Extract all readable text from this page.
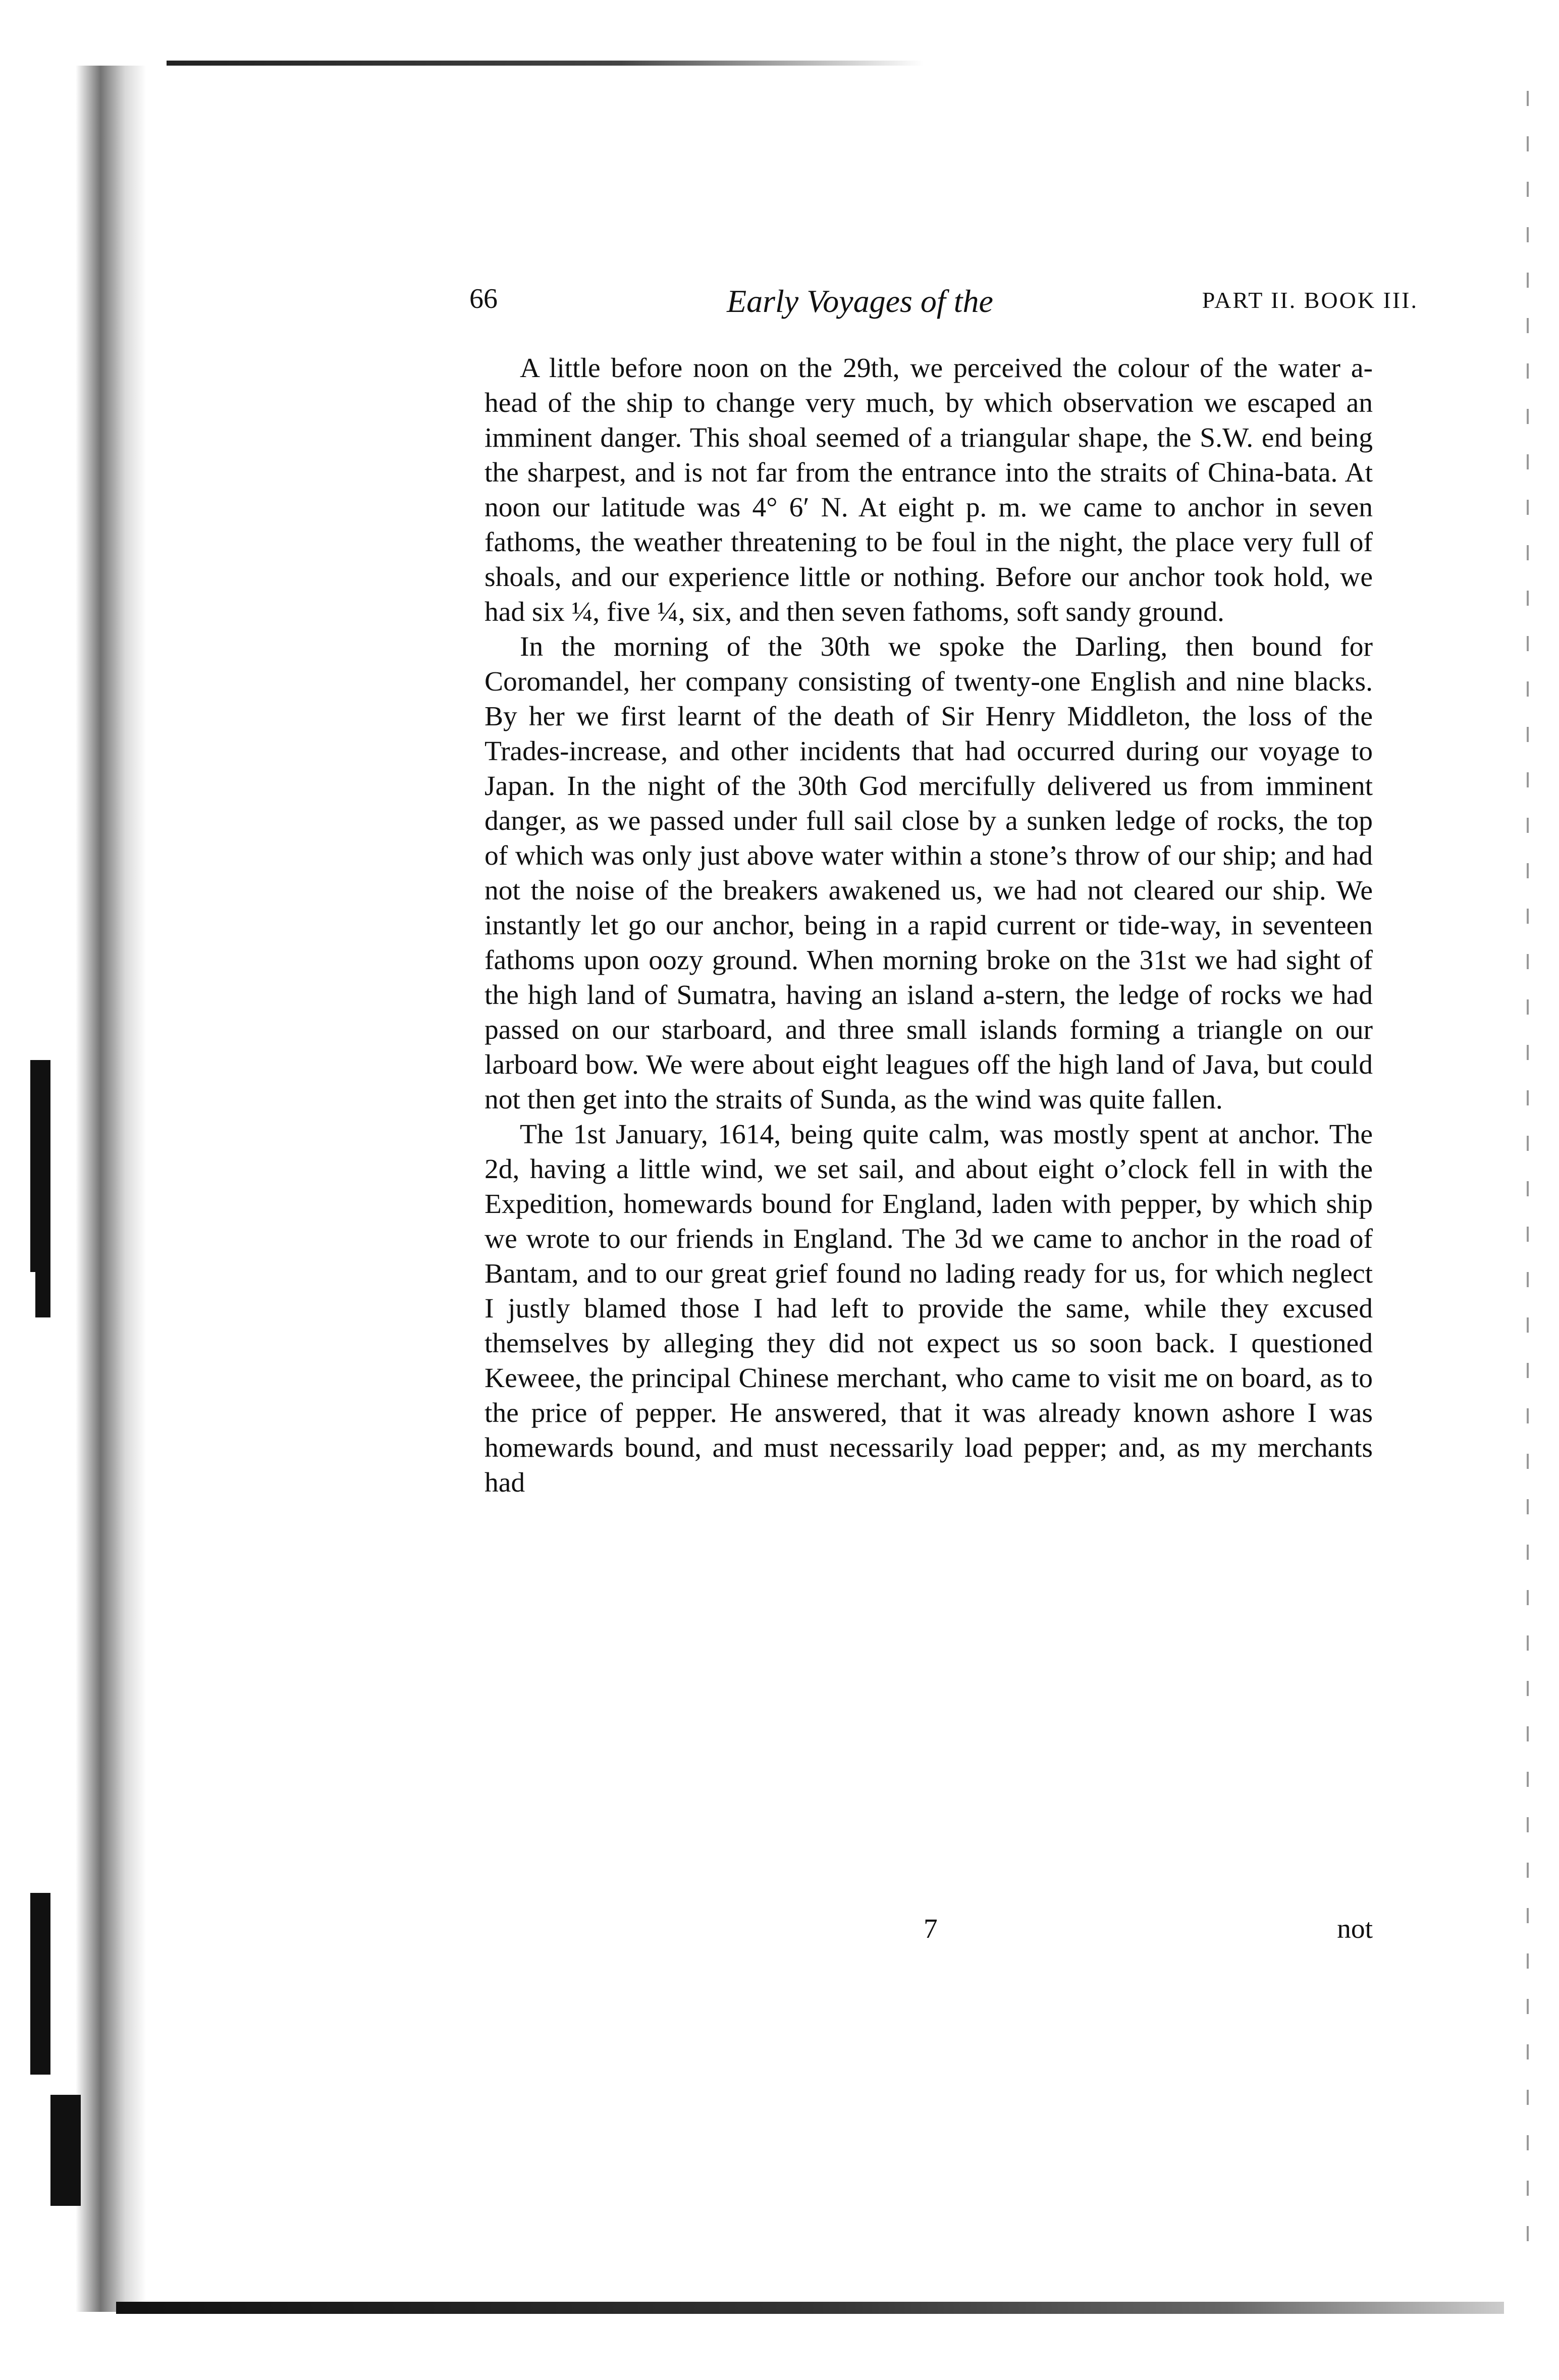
66	Early Voyages of the	PART II. BOOK III.

A little before noon on the 29th, we perceived the colour of the water a-head of the ship to change very much, by which observation we escaped an imminent danger. This shoal seemed of a triangular shape, the S.W. end being the sharpest, and is not far from the entrance into the straits of China-bata. At noon our latitude was 4° 6′ N. At eight p. m. we came to anchor in seven fathoms, the weather threatening to be foul in the night, the place very full of shoals, and our experience little or nothing. Before our anchor took hold, we had six ¼, five ¼, six, and then seven fathoms, soft sandy ground.

In the morning of the 30th we spoke the Darling, then bound for Coromandel, her company consisting of twenty-one English and nine blacks. By her we first learnt of the death of Sir Henry Middleton, the loss of the Trades-increase, and other incidents that had occurred during our voyage to Japan. In the night of the 30th God mercifully delivered us from imminent danger, as we passed under full sail close by a sunken ledge of rocks, the top of which was only just above water within a stone’s throw of our ship; and had not the noise of the breakers awakened us, we had not cleared our ship. We instantly let go our anchor, being in a rapid current or tide-way, in seventeen fathoms upon oozy ground. When morning broke on the 31st we had sight of the high land of Sumatra, having an island a-stern, the ledge of rocks we had passed on our starboard, and three small islands forming a triangle on our larboard bow. We were about eight leagues off the high land of Java, but could not then get into the straits of Sunda, as the wind was quite fallen.

The 1st January, 1614, being quite calm, was mostly spent at anchor. The 2d, having a little wind, we set sail, and about eight o’clock fell in with the Expedition, homewards bound for England, laden with pepper, by which ship we wrote to our friends in England. The 3d we came to anchor in the road of Bantam, and to our great grief found no lading ready for us, for which neglect I justly blamed those I had left to provide the same, while they excused themselves by alleging they did not expect us so soon back. I questioned Keweee, the principal Chinese merchant, who came to visit me on board, as to the price of pepper. He answered, that it was already known ashore I was homewards bound, and must necessarily load pepper; and, as my merchants had

7	not
